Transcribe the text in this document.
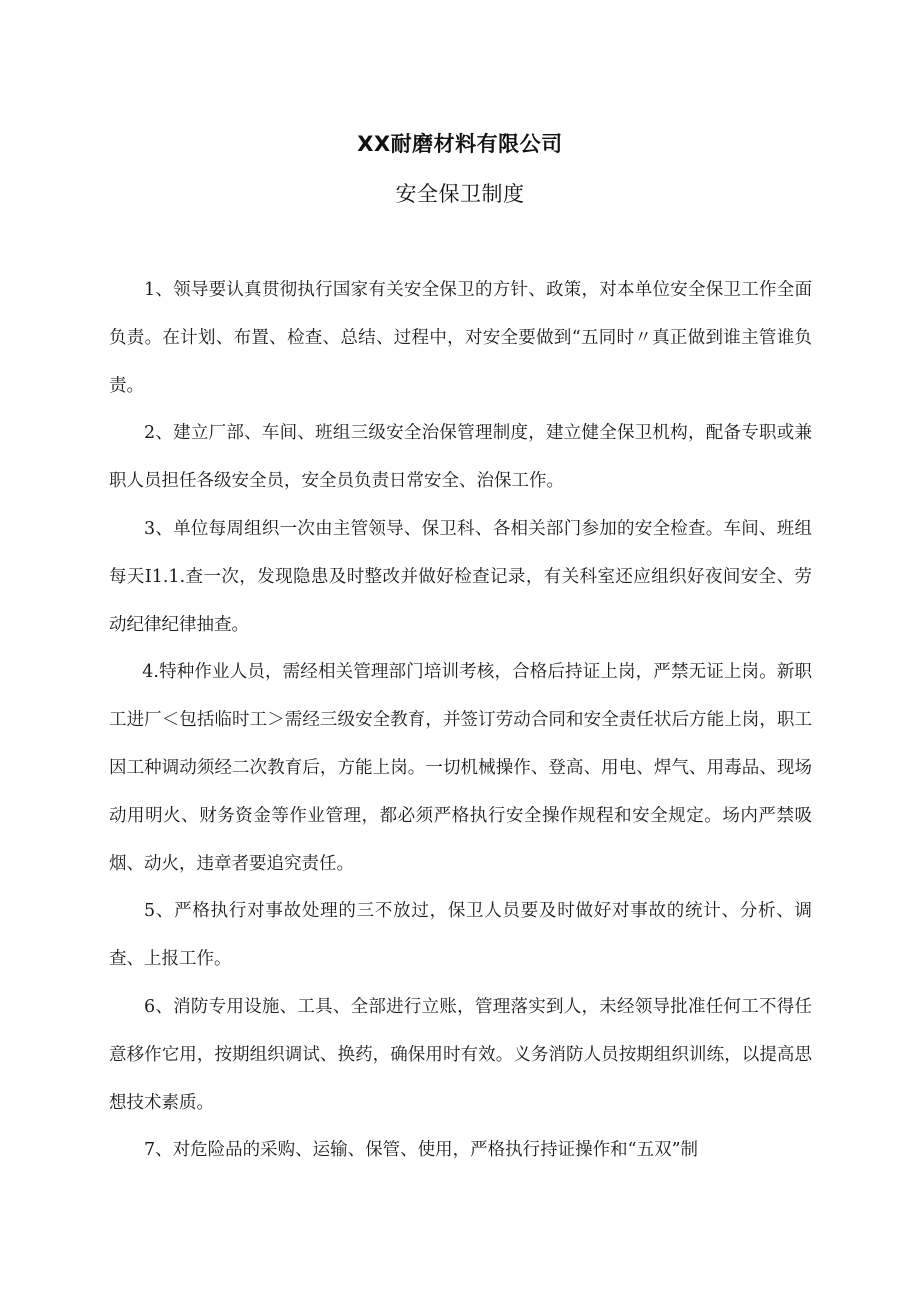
XX耐磨材料有限公司
安全保卫制度

1、领导要认真贯彻执行国家有关安全保卫的方针、政策，对本单位安全保卫工作全面负责。在计划、布置、检查、总结、过程中，对安全要做到“五同时〃真正做到谁主管谁负责。

2、建立厂部、车间、班组三级安全治保管理制度，建立健全保卫机构，配备专职或兼职人员担任各级安全员，安全员负责日常安全、治保工作。

3、单位每周组织一次由主管领导、保卫科、各相关部门参加的安全检查。车间、班组每天I1.1.查一次，发现隐患及时整改并做好检查记录，有关科室还应组织好夜间安全、劳动纪律纪律抽查。

4.特种作业人员，需经相关管理部门培训考核，合格后持证上岗，严禁无证上岗。新职工进厂＜包括临时工＞需经三级安全教育，并签订劳动合同和安全责任状后方能上岗，职工因工种调动须经二次教育后，方能上岗。一切机械操作、登高、用电、焊气、用毒品、现场动用明火、财务资金等作业管理，都必须严格执行安全操作规程和安全规定。场内严禁吸烟、动火，违章者要追究责任。

5、严格执行对事故处理的三不放过，保卫人员要及时做好对事故的统计、分析、调查、上报工作。

6、消防专用设施、工具、全部进行立账，管理落实到人，未经领导批准任何工不得任意移作它用，按期组织调试、换药，确保用时有效。义务消防人员按期组织训练，以提高思想技术素质。

7、对危险品的采购、运输、保管、使用，严格执行持证操作和“五双”制
